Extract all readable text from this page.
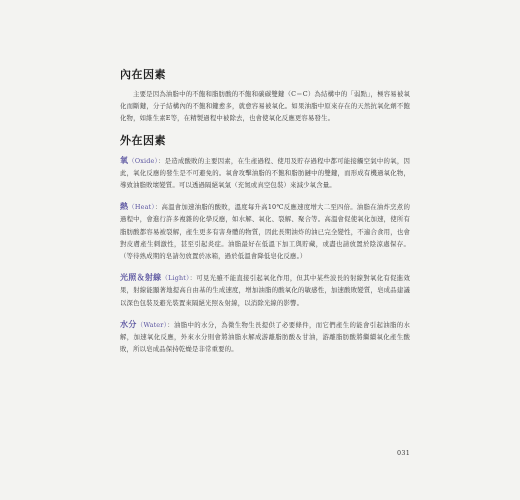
內在因素

主要是因為油脂中的不飽和脂肪酸的不飽和碳碳雙鍵（C＝C）為結構中的「弱點」，極容易被氧化而斷鍵，分子結構內的不飽和鍵愈多，就愈容易被氧化。如果油脂中原來存在的天然抗氧化劑不飽化物，如維生素E等，在精製過程中被除去，也會使氧化反應更容易發生。

外在因素

氧（Oxide）：是造成酸敗的主要因素，在生產過程、使用及貯存過程中都可能接觸空氣中的氧，因此，氧化反應的發生是不可避免的。氧會攻擊油脂的不飽和脂肪鏈中的雙鍵，而形成有機過氧化物，導致油脂敗壞變質。可以透過隔絕氧氣（充氮或真空包裝）來減少氧含量。

熱（Heat）：高溫會加速油脂的酸敗，溫度每升高10℃反應速度增大二至四倍。油脂在油炸烹煮的過程中，會進行許多複雜的化學反應，如水解、氧化、裂解、聚合等。高溫會促使氧化加速，使所有脂肪酸都容易被裂解，產生更多有害身體的物質，因此長期油炸的油已完全變性，不適合食用，也會對皮膚產生刺激性，甚至引起炎症。油脂最好在低溫下加工與貯藏，或盡也請放置於陰涼處保存。（等待熟成期的皂請勿放置於冰箱，過於低溫會降低皂化反應。）

光照＆射線（Light）：可見光雖不能直接引起氧化作用，但其中某些波長的射線對氧化有促進效果，射線能顯著地提高自由基的生成速度，增加油脂的酸氧化的敏感性，加速酸敗變質，皂成品建議以深色包裝及避光裝置來隔絕光照＆射線，以消除光線的影響。

水分（Water）：油脂中的水分，為微生物生長提供了必要條件，而它們產生的能會引起油脂的水解，加速氧化反應，外來水分則會將油脂水解成游離脂肪酸＆甘油，游離脂肪酸將繼續氧化產生酸敗，所以皂成品保持乾燥是非常重要的。

031
